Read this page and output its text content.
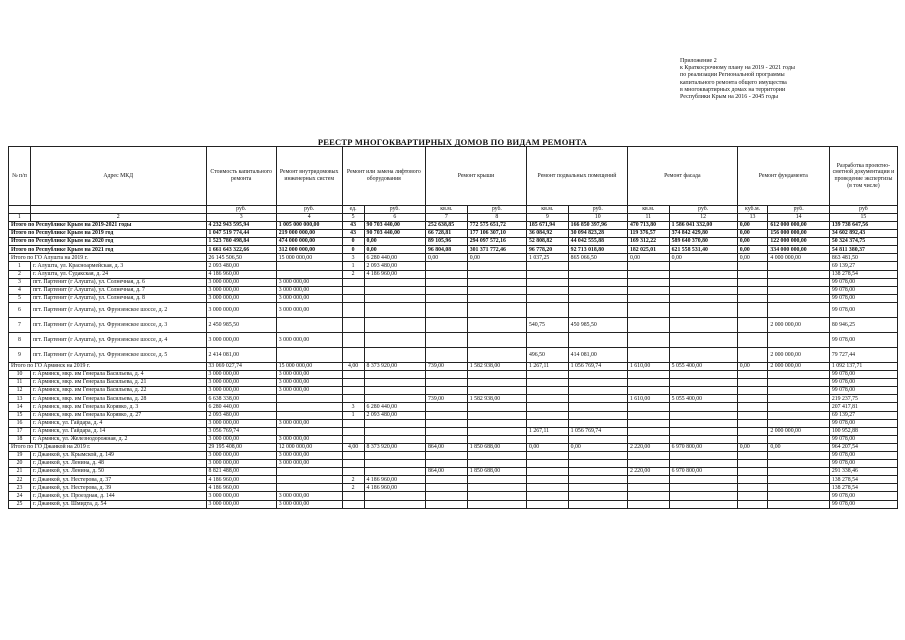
Приложение 2
к Краткосрочному плану на 2019 - 2021 годы
по реализации Региональной программы
капитального ремонта общего имущества
в многоквартирных домах на территории
Республики Крым на 2016 - 2045 годы
РЕЕСТР МНОГОКВАРТИРНЫХ ДОМОВ ПО ВИДАМ РЕМОНТА
№ п/п	Адрес МКД	Стоимость капитального ремонта	Ремонт внутридомовых инженерных систем	Ремонт или замена лифтового оборудования		Ремонт крыши		Ремонт подвальных помещений		Ремонт фасада		Ремонт фундамента		Разработка проектно-сметной документации и проведение экспертизы (в том числе)
		руб.	руб.	ед.	руб.	кв.м.	руб.	кв.м.	руб.	кв.м.	руб.	куб.м.	руб.	руб
1	2	3	4	5	6	7	8	9	10	11	12	13	14	15
Итого по Республике Крым на 2019-2021 годы		4 232 943 595,94	1 005 000 000,00	43	90 703 440,00	252 638,85	772 575 651,72	185 671,94	166 850 397,96	470 713,80	1 586 041 332,00	0,00	612 000 000,00	139 738 647,56
Итого по Республике Крым на 2019 год		1 047 519 774,44	219 000 000,00	43	90 703 440,00	66 728,81	177 106 307,10	36 084,92	30 094 823,28	119 376,57	374 842 429,80	0,00	156 000 000,00	34 602 892,43
Итого по Республике Крым на 2020 год		1 523 780 498,84	474 000 000,00	0	0,00	89 105,96	294 097 572,16	52 808,82	44 042 555,88	169 312,22	589 640 370,80	0,00	122 000 000,00	50 324 374,75
Итого по Республике Крым на 2021 год		1 661 643 322,66	312 000 000,00	0	0,00	96 804,08	301 371 772,46	96 778,20	92 713 018,80	182 025,01	621 558 531,40	0,00	334 000 000,00	54 811 380,37
Итого по ГО Алушта на 2019 г.		26 145 506,50	15 000 000,00	3	6 280 440,00	0,00	0,00	1 037,25	865 066,50	0,00	0,00	0,00	4 000 000,00	863 481,50
1	г. Алушта, ул. Красноармейская, д. 3	2 093 480,00		1	2 093 480,00									69 139,27
2	г. Алушта, ул. Судакская, д. 24	4 186 960,00		2	4 186 960,00									138 278,54
3	пгт. Партенит (г Алушта), ул. Солнечная, д. 6	3 000 000,00	3 000 000,00											99 078,00
4	пгт. Партенит (г Алушта), ул. Солнечная, д. 7	3 000 000,00	3 000 000,00											99 078,00
5	пгт. Партенит (г Алушта), ул. Солнечная, д. 8	3 000 000,00	3 000 000,00											99 078,00
6	пгт. Партенит (г Алушта), ул. Фрунзенское шоссе, д. 2	3 000 000,00	3 000 000,00											99 078,00
7	пгт. Партенит (г Алушта), ул. Фрунзенское шоссе, д. 3	2 450 985,50						540,75	450 985,50				2 000 000,00	80 946,25
8	пгт. Партенит (г Алушта), ул. Фрунзенское шоссе, д. 4	3 000 000,00	3 000 000,00											99 078,00
9	пгт. Партенит (г Алушта), ул. Фрунзенское шоссе, д. 5	2 414 081,00						496,50	414 081,00				2 000 000,00	79 727,44
Итого по ГО Армянск на 2019 г.		33 069 027,74	15 000 000,00	4,00	8 373 920,00	739,00	1 582 938,00	1 267,11	1 056 769,74	1 610,00	5 055 400,00	0,00	2 000 000,00	1 092 137,71
10	г. Армянск, мкр. им Генерала Васильева, д. 4	3 000 000,00	3 000 000,00											99 078,00
11	г. Армянск, мкр. им Генерала Васильева, д. 21	3 000 000,00	3 000 000,00											99 078,00
12	г. Армянск, мкр. им Генерала Васильева, д. 22	3 000 000,00	3 000 000,00											99 078,00
13	г. Армянск, мкр. им Генерала Васильева, д. 28	6 638 338,00				739,00	1 582 938,00			1 610,00	5 055 400,00			219 237,75
14	г. Армянск, мкр. им Генерала Корявко, д. 3	6 280 440,00		3	6 280 440,00									207 417,81
15	г. Армянск, мкр. им Генерала Корявко, д. 27	2 093 480,00		1	2 093 480,00									69 139,27
16	г. Армянск, ул. Гайдара, д. 4	3 000 000,00	3 000 000,00											99 078,00
17	г. Армянск, ул. Гайдара, д. 14	3 056 769,74						1 267,11	1 056 769,74				2 000 000,00	100 952,88
18	г. Армянск, ул. Железнодорожная, д. 2	3 000 000,00	3 000 000,00											99 078,00
Итого по ГО Джанкой на 2019 г.		29 195 408,00	12 000 000,00	4,00	8 373 920,00	864,00	1 850 688,00	0,00	0,00	2 220,00	6 970 800,00	0,00	0,00	964 207,54
19	г. Джанкой, ул. Крымской, д. 149	3 000 000,00	3 000 000,00											99 078,00
20	г. Джанкой, ул. Ленина, д. 48	3 000 000,00	3 000 000,00											99 078,00
21	г. Джанкой, ул. Ленина, д. 50	8 821 488,00				864,00	1 850 688,00			2 220,00	6 970 800,00			291 338,46
22	г. Джанкой, ул. Нестерова, д. 37	4 186 960,00		2	4 186 960,00									138 278,54
23	г. Джанкой, ул. Нестерова, д. 39	4 186 960,00		2	4 186 960,00									138 278,54
24	г. Джанкой, ул. Проездная, д. 144	3 000 000,00	3 000 000,00											99 078,00
25	г. Джанкой, ул. Шмидта, д. 54	3 000 000,00	3 000 000,00											99 078,00
